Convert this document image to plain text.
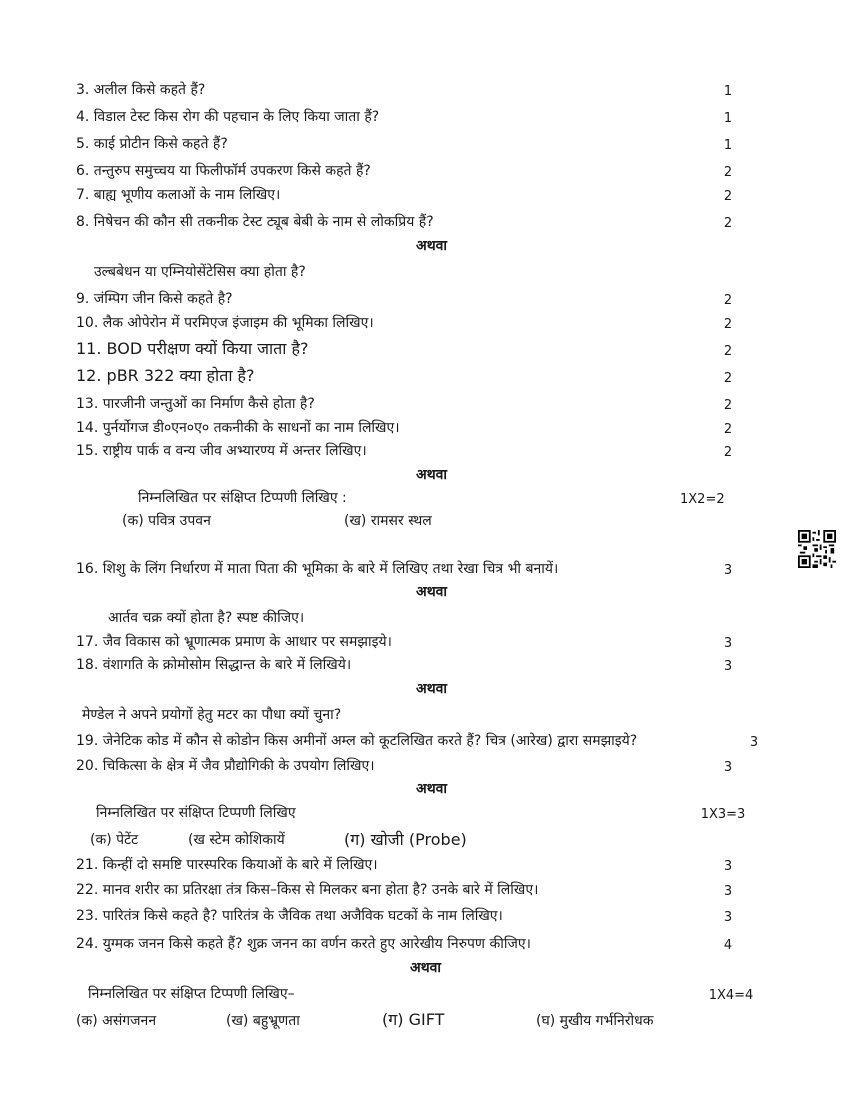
3. अलील किसे कहते हैं?	1
4. विडाल टेस्ट किस रोग की पहचान के लिए किया जाता हैं?	1
5. काई प्रोटीन किसे कहते हैं?	1
6. तन्तुरुप समुच्चय या फिलीफॉर्म उपकरण किसे कहते हैं?	2
7. बाह्य भूणीय कलाओं के नाम लिखिए।	2
8. निषेचन की कौन सी तकनीक टेस्ट ट्यूब बेबी के नाम से लोकप्रिय हैं?	2
अथवा
उल्बबेधन या एम्नियोसेंटेसिस क्या होता है?
9. जंम्पिग जीन किसे कहते है?	2
10. लैक ओपेरोन में परमिएज इंजाइम की भूमिका लिखिए।	2
11. BOD परीक्षण क्यों किया जाता है?	2
12. pBR 322 क्या होता है?	2
13. पारजीनी जन्तुओं का निर्माण कैसे होता है?	2
14. पुर्नर्योगज डी०एन०ए० तकनीकी के साधनों का नाम लिखिए।	2
15. राष्ट्रीय पार्क व वन्य जीव अभ्यारण्य में अन्तर लिखिए।	2
अथवा
निम्नलिखित पर संक्षिप्त टिप्पणी लिखिए :	1X2=2
(क) पवित्र उपवन	(ख) रामसर स्थल
16. शिशु के लिंग निर्धारण में माता पिता की भूमिका के बारे में लिखिए तथा रेखा चित्र भी बनायें।	3
अथवा
आर्तव चक्र क्यों होता है? स्पष्ट कीजिए।
17. जैव विकास को भ्रूणात्मक प्रमाण के आधार पर समझाइये।	3
18. वंशागति के क्रोमोसोम सिद्धान्त के बारे में लिखिये।	3
अथवा
मेण्डेल ने अपने प्रयोगों हेतु मटर का पौधा क्यों चुना?
19. जेनेटिक कोड में कौन से कोडोन किस अमीनों अम्ल को कूटलिखित करते हैं? चित्र (आरेख) द्वारा समझाइये?	3
20. चिकित्सा के क्षेत्र में जैव प्रौद्योगिकी के उपयोग लिखिए।	3
अथवा
निम्नलिखित पर संक्षिप्त टिप्पणी लिखिए	1X3=3
(क) पेटेंट	(ख स्टेम कोशिकायें	(ग) खोजी (Probe)
21. किन्हीं दो समष्टि पारस्परिक कियाओं के बारे में लिखिए।	3
22. मानव शरीर का प्रतिरक्षा तंत्र किस–किस से मिलकर बना होता है? उनके बारे में लिखिए।	3
23. पारितंत्र किसे कहते है? पारितंत्र के जैविक तथा अजैविक घटकों के नाम लिखिए।	3
24. युग्मक जनन किसे कहते हैं? शुक्र जनन का वर्णन करते हुए आरेखीय निरुपण कीजिए।	4
अथवा
निम्नलिखित पर संक्षिप्त टिप्पणी लिखिए–	1X4=4
(क) असंगजनन	(ख) बहुभ्रूणता	(ग) GIFT	(घ) मुखीय गर्भनिरोधक
